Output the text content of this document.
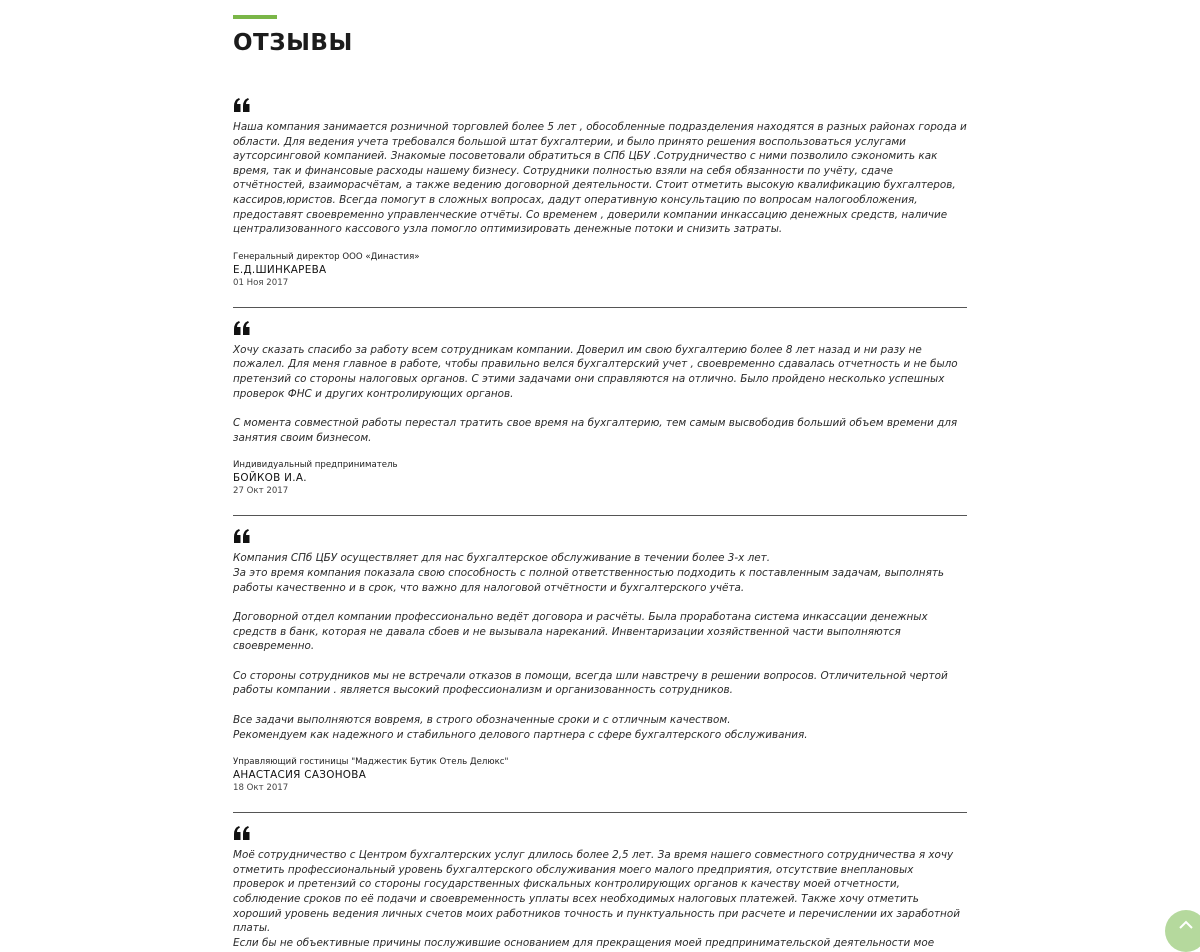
ОТЗЫВЫ

Наша компания занимается розничной торговлей более 5 лет , обособленные подразделения находятся в разных районах города и области. Для ведения учета требовался большой штат бухгалтерии, и было принято решения воспользоваться услугами аутсорсинговой компанией. Знакомые посоветовали обратиться в СПб ЦБУ .Сотрудничество с ними позволило сэкономить как время, так и финансовые расходы нашему бизнесу. Сотрудники полностью взяли на себя обязанности по учёту, сдаче отчётностей, взаиморасчётам, а также ведению договорной деятельности. Стоит отметить высокую квалификацию бухгалтеров, кассиров,юристов. Всегда помогут в сложных вопросах, дадут оперативную консультацию по вопросам налогообложения, предоставят своевременно управленческие отчёты. Со временем , доверили компании инкассацию денежных средств, наличие централизованного кассового узла помогло оптимизировать денежные потоки и снизить затраты.

Генеральный директор ООО «Династия»
Е.Д.ШИНКАРЕВА
01 Ноя 2017

Хочу сказать спасибо за работу всем сотрудникам компании. Доверил им свою бухгалтерию более 8 лет назад и ни разу не пожалел. Для меня главное в работе, чтобы правильно велся бухгалтерский учет , своевременно сдавалась отчетность и не было претензий со стороны налоговых органов. С этими задачами они справляются на отлично. Было пройдено несколько успешных проверок ФНС и других контролирующих органов.

С момента совместной работы перестал тратить свое время на бухгалтерию, тем самым высвободив больший объем времени для занятия своим бизнесом.

Индивидуальный предприниматель
БОЙКОВ И.А.
27 Окт 2017

Компания СПб ЦБУ осуществляет для нас бухгалтерское обслуживание в течении более 3-х лет.
За это время компания показала свою способность с полной ответственностью подходить к поставленным задачам, выполнять работы качественно и в срок, что важно для налоговой отчётности и бухгалтерского учёта.

Договорной отдел компании профессионально ведёт договора и расчёты. Была проработана система инкассации денежных средств в банк, которая не давала сбоев и не вызывала нареканий. Инвентаризации хозяйственной части выполняются своевременно.

Со стороны сотрудников мы не встречали отказов в помощи, всегда шли навстречу в решении вопросов. Отличительной чертой работы компании . является высокий профессионализм и организованность сотрудников.

Все задачи выполняются вовремя, в строго обозначенные сроки и с отличным качеством.
Рекомендуем как надежного и стабильного делового партнера с сфере бухгалтерского обслуживания.

Управляющий гостиницы "Маджестик Бутик Отель Делюкс"
АНАСТАСИЯ САЗОНОВА
18 Окт 2017

Моё сотрудничество с Центром бухгалтерских услуг длилось более 2,5 лет. За время нашего совместного сотрудничества я хочу отметить профессиональный уровень бухгалтерского обслуживания моего малого предприятия, отсутствие внеплановых проверок и претензий со стороны государственных фискальных контролирующих органов к качеству моей отчетности, соблюдение сроков по её подачи и своевременность уплаты всех необходимых налоговых платежей. Также хочу отметить хороший уровень ведения личных счетов моих работников точность и пунктуальность при расчете и перечислении их заработной платы.
Если бы не объективные причины послужившие основанием для прекращения моей предпринимательской деятельности мое
